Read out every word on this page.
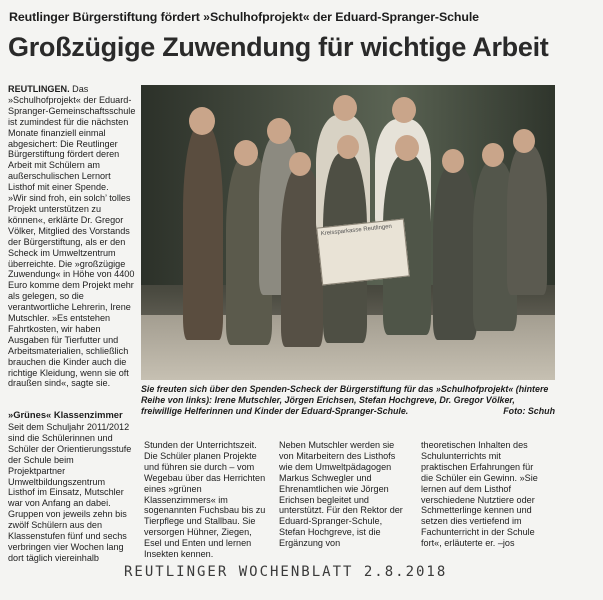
Reutlinger Bürgerstiftung fördert »Schulhofprojekt« der Eduard-Spranger-Schule
Großzügige Zuwendung für wichtige Arbeit

REUTLINGEN. Das »Schulhofprojekt« der Eduard-Spranger-Gemeinschaftsschule ist zumindest für die nächsten Monate finanziell einmal abgesichert: Die Reutlinger Bürgerstiftung fördert deren Arbeit mit Schülern am außerschulischen Lernort Listhof mit einer Spende.

»Wir sind froh, ein solch’ tolles Projekt unterstützen zu können«, erklärte Dr. Gregor Völker, Mitglied des Vorstands der Bürgerstiftung, als er den Scheck im Umweltzentrum überreichte. Die »großzügige Zuwendung« in Höhe von 4400 Euro komme dem Projekt mehr als gelegen, so die verantwortliche Lehrerin, Irene Mutschler. »Es entstehen Fahrtkosten, wir haben Ausgaben für Tierfutter und Arbeitsmaterialien, schließlich brauchen die Kinder auch die richtige Kleidung, wenn sie oft draußen sind«, sagte sie.

Kreissparkasse Reutlingen
Sie freuten sich über den Spenden-Scheck der Bürgerstiftung für das »Schulhofprojekt« (hintere Reihe von links): Irene Mutschler, Jörgen Erichsen, Stefan Hochgreve, Dr. Gregor Völker, freiwillige Helferinnen und Kinder der Eduard-Spranger-Schule.	Foto: Schuh
»Grünes« Klassenzimmer

Seit dem Schuljahr 2011/2012 sind die Schülerinnen und Schüler der Orientierungsstufe der Schule beim Projektpartner Umweltbildungszentrum Listhof im Einsatz, Mutschler war von Anfang an dabei. Gruppen von jeweils zehn bis zwölf Schülern aus den Klassenstufen fünf und sechs verbringen vier Wochen lang dort täglich viereinhalb

Stunden der Unterrichtszeit. Die Schüler planen Projekte und führen sie durch – vom Wegebau über das Herrichten eines »grünen Klassenzimmers« im sogenannten Fuchsbau bis zu Tierpflege und Stallbau. Sie versorgen Hühner, Ziegen, Esel und Enten und lernen Insekten kennen.

Neben Mutschler werden sie von Mitarbeitern des Listhofs wie dem Umweltpädagogen Markus Schwegler und Ehrenamtlichen wie Jörgen Erichsen begleitet und unterstützt. Für den Rektor der Eduard-Spranger-Schule, Stefan Hochgreve, ist die Ergänzung von

theoretischen Inhalten des Schulunterrichts mit praktischen Erfahrungen für die Schüler ein Gewinn. »Sie lernen auf dem Listhof verschiedene Nutztiere oder Schmetterlinge kennen und setzen dies vertiefend im Fachunterricht in der Schule fort«, erläuterte er. –jos

REUTLINGER WOCHENBLATT 2.8.2018
